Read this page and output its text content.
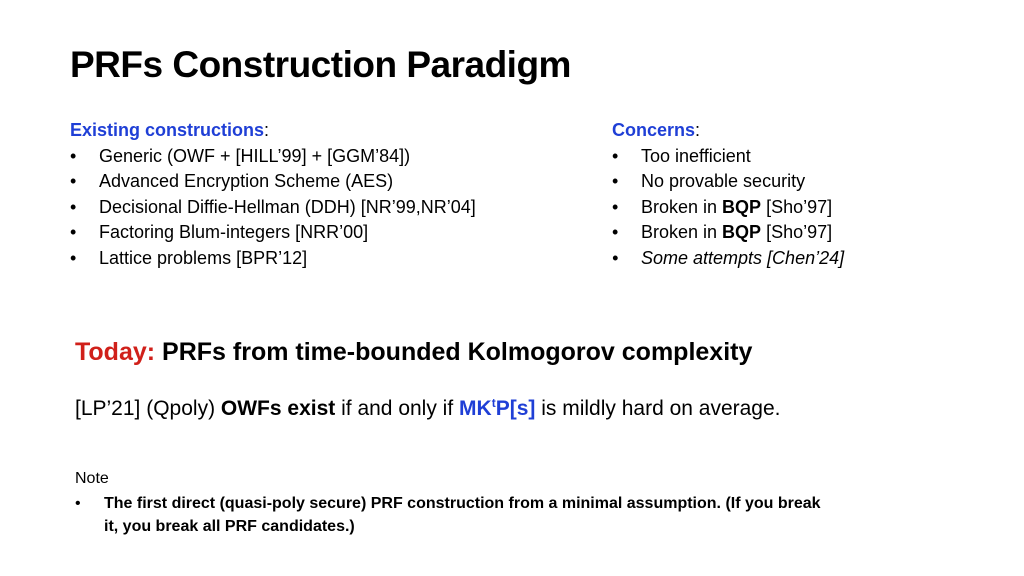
PRFs Construction Paradigm
Existing constructions:
• Generic (OWF + [HILL’99] + [GGM’84])
• Advanced Encryption Scheme (AES)
• Decisional Diffie-Hellman (DDH) [NR’99,NR’04]
• Factoring Blum-integers [NRR’00]
• Lattice problems [BPR’12]
Concerns:
• Too inefficient
• No provable security
• Broken in BQP [Sho’97]
• Broken in BQP [Sho’97]
• Some attempts [Chen’24]
Today: PRFs from time-bounded Kolmogorov complexity
[LP’21] (Qpoly) OWFs exist if and only if $MK^tP[s]$ is mildly hard on average.
Note
• The first direct (quasi-poly secure) PRF construction from a minimal assumption. (If you break it, you break all PRF candidates.)
